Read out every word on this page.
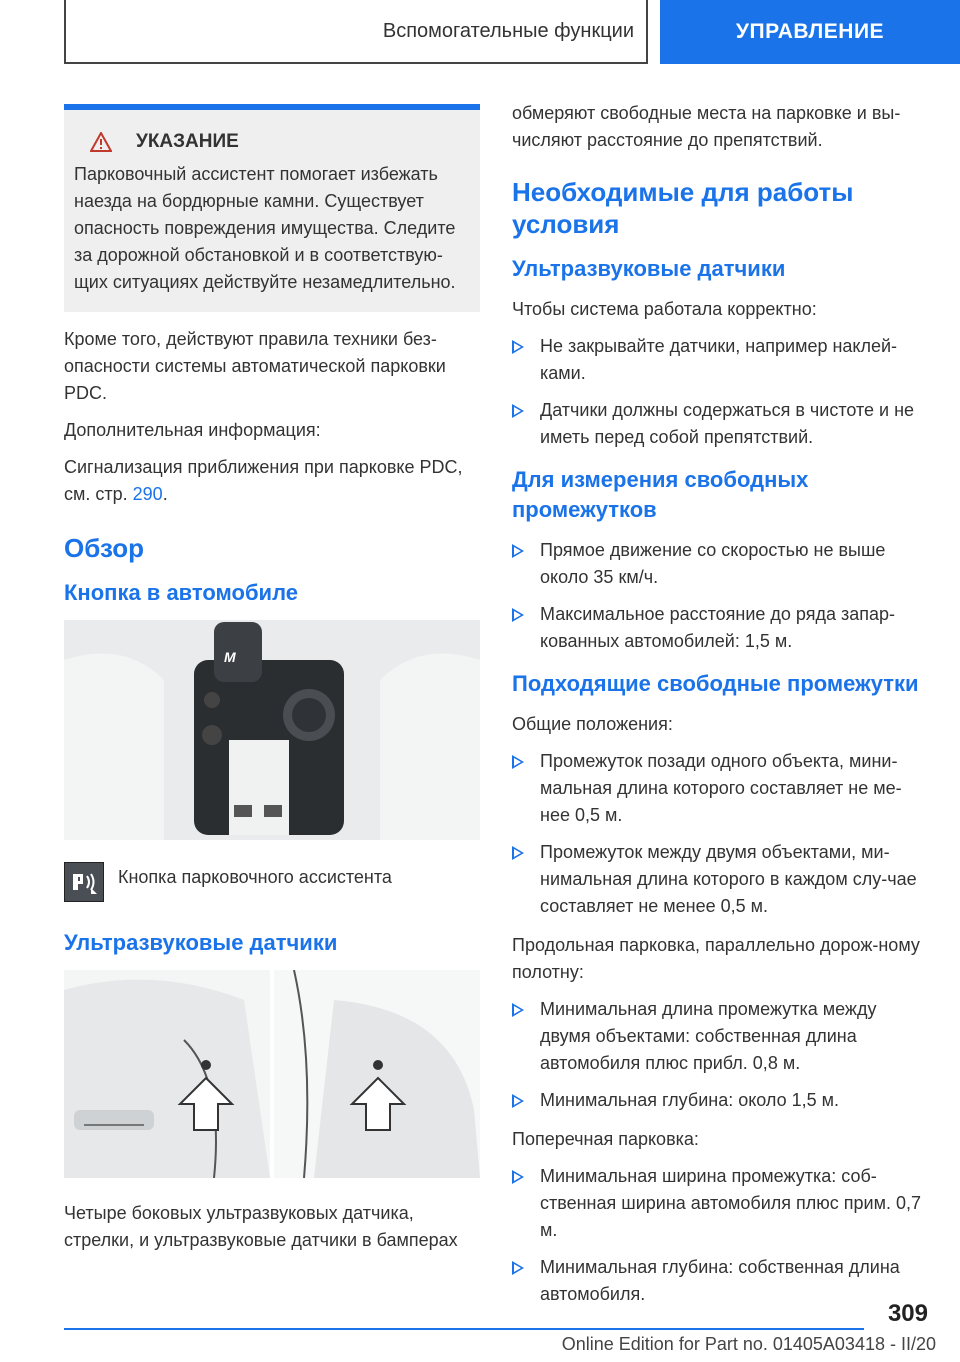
Вспомогательные функции	УПРАВЛЕНИЕ
УКАЗАНИЕ
Парковочный ассистент помогает избежать наезда на бордюрные камни. Существует опасность повреждения имущества. Следите за дорожной обстановкой и в соответствую‐щих ситуациях действуйте незамедлительно.

Кроме того, действуют правила техники без‐опасности системы автоматической парковки PDC.

Дополнительная информация:

Сигнализация приближения при парковке PDC, см. стр. 290.

Обзор
Кнопка в автомобиле
M
Кнопка парковочного ассистента
Ультразвуковые датчики

Четыре боковых ультразвуковых датчика, стрелки, и ультразвуковые датчики в бамперах

обмеряют свободные места на парковке и вы‐числяют расстояние до препятствий.

Необходимые для работы условия
Ультразвуковые датчики

Чтобы система работала корректно:

Не закрывайте датчики, например наклей‐ками.
Датчики должны содержаться в чистоте и не иметь перед собой препятствий.
Для измерения свободных промежутков
Прямое движение со скоростью не выше около 35 км/ч.
Максимальное расстояние до ряда запар‐кованных автомобилей: 1,5 м.
Подходящие свободные промежутки

Общие положения:

Промежуток позади одного объекта, мини‐мальная длина которого составляет не ме‐нее 0,5 м.
Промежуток между двумя объектами, ми‐нимальная длина которого в каждом слу‐чае составляет не менее 0,5 м.

Продольная парковка, параллельно дорож‐ному полотну:

Минимальная длина промежутка между двумя объектами: собственная длина автомобиля плюс прибл. 0,8 м.
Минимальная глубина: около 1,5 м.

Поперечная парковка:

Минимальная ширина промежутка: соб‐ственная ширина автомобиля плюс прим. 0,7 м.
Минимальная глубина: собственная длина автомобиля.
309
Online Edition for Part no. 01405A03418 - II/20
